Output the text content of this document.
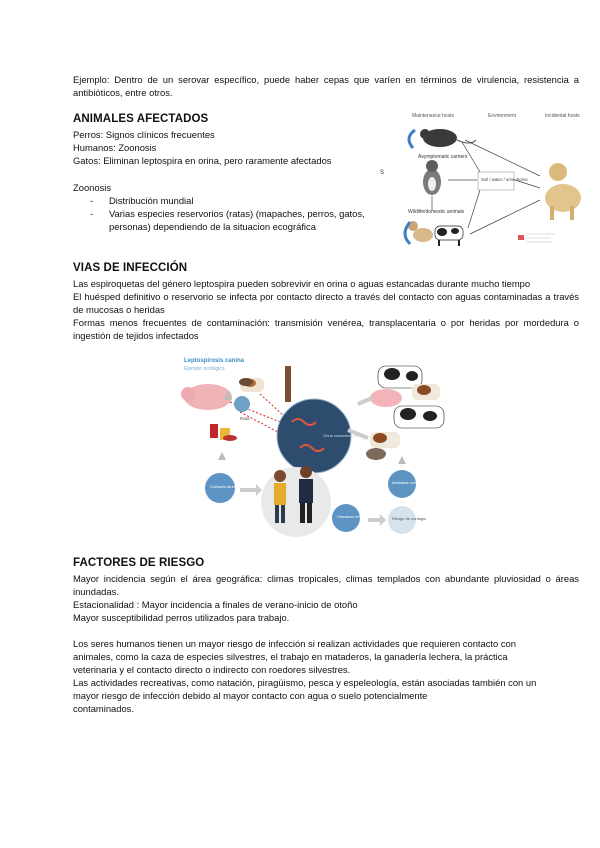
Ejemplo: Dentro de un serovar específico, puede haber cepas que varíen en términos de virulencia, resistencia a antibióticos, entre otros.
ANIMALES AFECTADOS
Perros: Signos clínicos frecuentes
Humanos: Zoonosis
Gatos: Eliminan leptospira en orina, pero raramente afectados
Zoonosis
- Distribución mundial
- Varias especies reservorios (ratas) (mapaches, perros, gatos, personas) dependiendo de la situacion ecográfica
Maintenance hosts	Environment	Incidental hosts
Asymptomatic carriers
Wildlife/domestic animals
Soil / water / urine-borne
S
VIAS DE INFECCIÓN
Las espiroquetas del género leptospira pueden sobrevivir en orina o aguas estancadas durante mucho tiempo
El huésped definitivo o reservorio se infecta por contacto directo a través del contacto con aguas contaminadas a través de mucosas o heridas
Formas menos frecuentes de contaminación: transmisión venérea, transplacentaria o por heridas por mordedura o ingestión de tejidos infectados
Leptospirosis canina
Ejemplo ecológico
Rata
Orina contaminada
Contacto directo
Humanos infectados	Riesgo de contagio
Animales contaminados
FACTORES DE RIESGO
Mayor incidencia según el área geográfica: climas tropicales, climas templados con abundante pluviosidad o áreas inundadas.
Estacionalidad : Mayor incidencia a finales de verano-inicio de otoño
Mayor susceptibilidad perros utilizados para trabajo.
Los seres humanos tienen un mayor riesgo de infección si realizan actividades que requieren contacto con
animales, como la caza de especies silvestres, el trabajo en mataderos, la ganadería lechera, la práctica
veterinaria y el contacto directo o indirecto con roedores silvestres.
Las actividades recreativas, como natación, piragüismo, pesca y espeleología, están asociadas también con un
mayor riesgo de infección debido al mayor contacto con agua o suelo potencialmente
contaminados.
